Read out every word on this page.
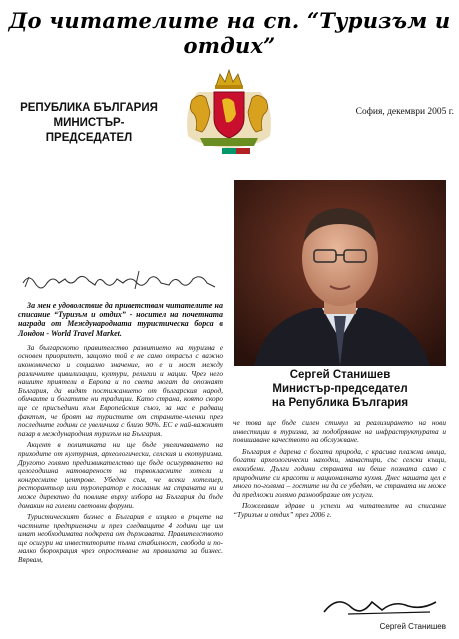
До читателите на сп. “Туризъм и отдих”
РЕПУБЛИКА БЪЛГАРИЯ
МИНИСТЪР-ПРЕДСЕДАТЕЛ
София, декември 2005 г.
Сергей Станишев
Министър-председател
на Република България

За мен е удоволствие да приветствам читателите на списание “Туризъм и отдих” - носител на почетната награда от Международната туристическа борса в Лондон - World Travel Market.

За българското правителство развитието на туризма е основен приоритет, защото той е не само отрасъл с важно икономическо и социално значение, но е и мост между различните цивилизации, култури, религии и нации. Чрез него нашите приятели в Европа и по света могат да опознаят България, да видят постижанието от българския народ, обичаите и богатите ни традиции. Като страна, която скоро ще се присъедини към Европейския съюз, за нас е радващ фактът, че броят на туристите от страните-членки през последните години се увеличиха с близо 90%. ЕС е най-важният пазар в международния туризъм на България.

Акцент в политиката ни ще бъде увеличаването на приходите от културния, археологически, селския и екотуризма. Другото голямо предизвикателство ще бъде осигуряването на целогодишна натовареност на първокласните хотели и конгресните центрове. Убеден съм, че всеки хотелиер, ресторантьор или туроператор е посланик на страната ни и може директно да повлияе върху избора на България да бъде домакин на големи световни форуми.

Туристическият бизнес в България е изцяло в ръцете на частните предприемачи и през следващите 4 години ще им имат необходимата подкрепа от държавата. Правителството ще осигури на инвеститорите пълна стабилност, свобода и по-малко бюрокрация чрез опростяване на правилата за бизнес. Вярвам,

че това ще бъде силен стимул за реализирането на нови инвестиции в туризма, за подобряване на инфраструктурата и повишаване качеството на обслужване.

България е дарена с богата природа, с красива плажна ивица, богати археологически находки, манастири, със селски къщи, екоизбени. Дълги години страната ни беше позната само с природните си красоти и националната кухня. Днес нашата цел е много по-голяма – гостите ни да се убедят, че страната ни може да предложи голямо разнообразие от услуги.

Пожелавам здраве и успехи на читателите на списание “Туризъм и отдих” през 2006 г.

Сергей Станишев
